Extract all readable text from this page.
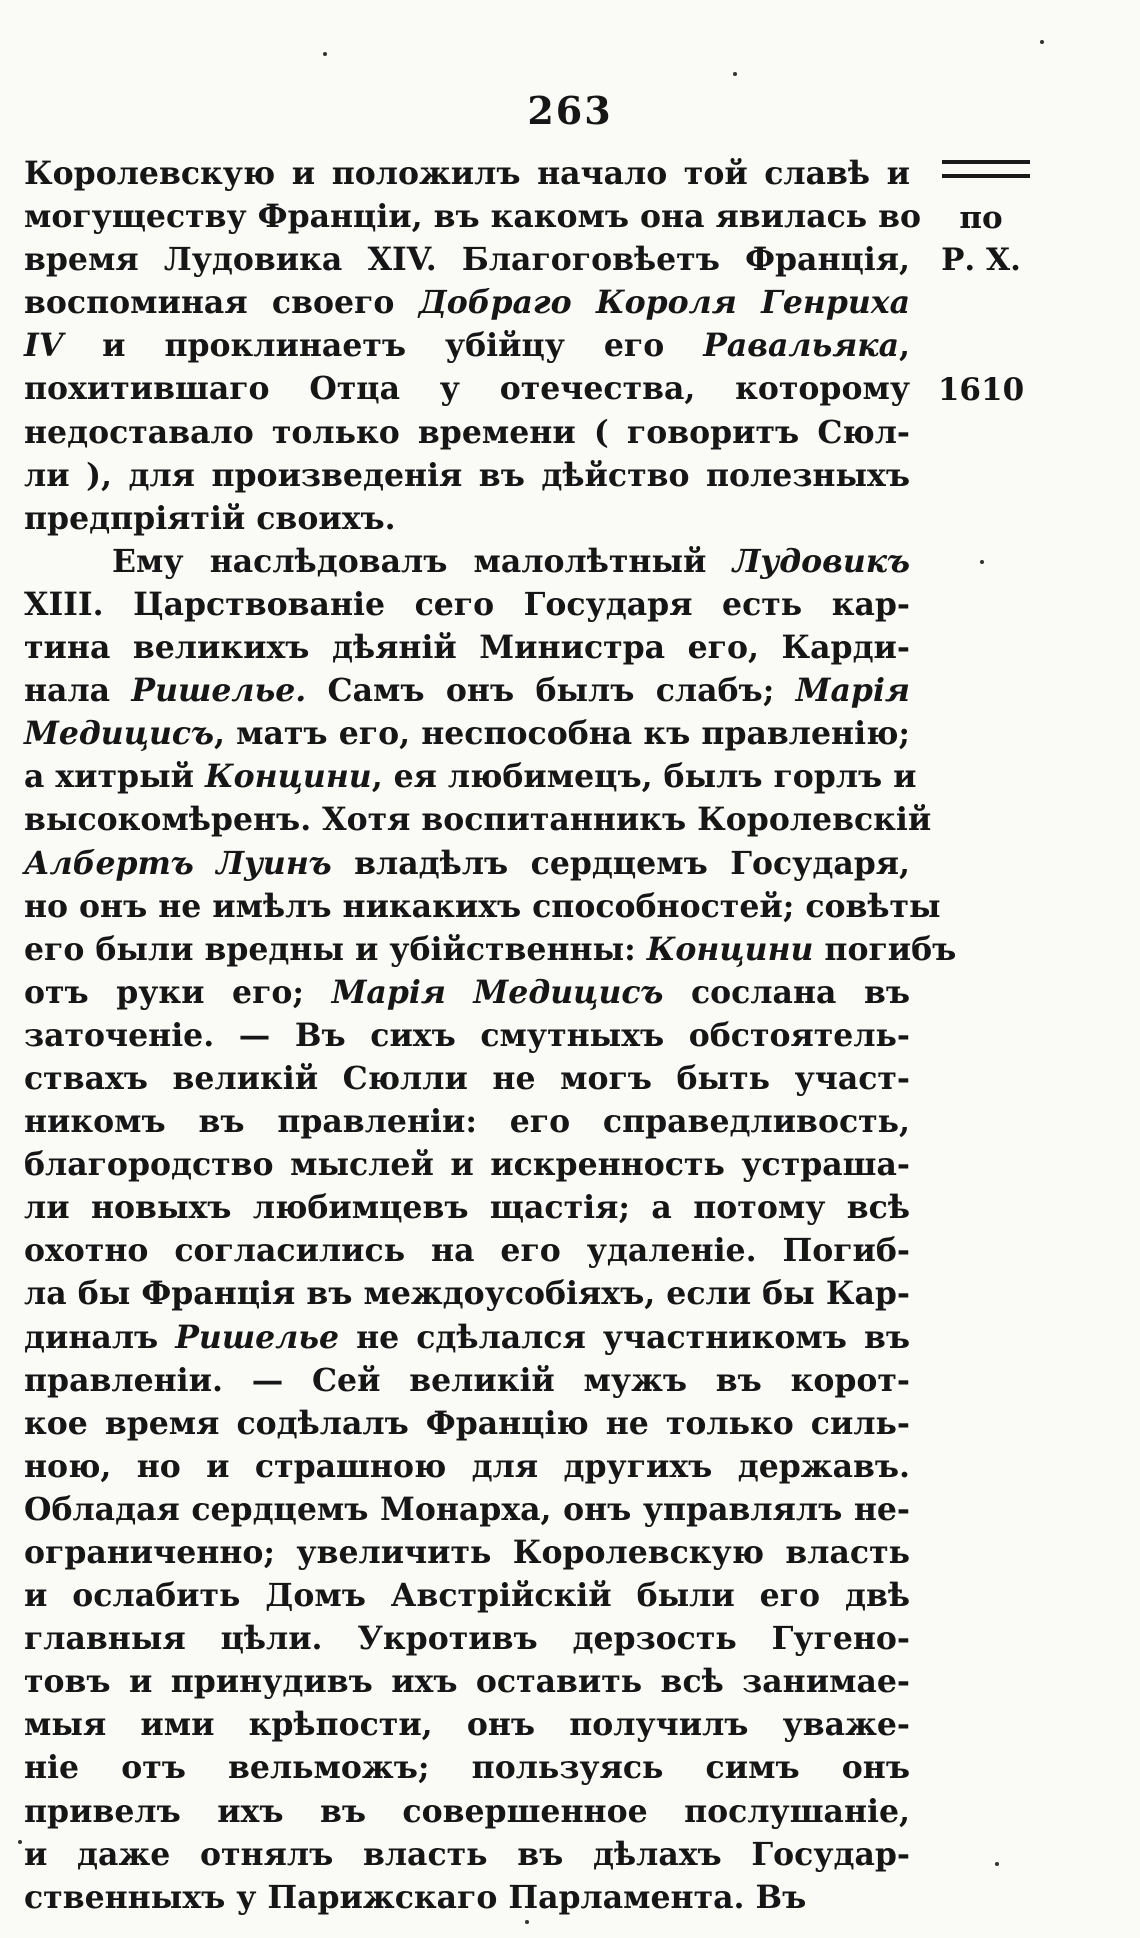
263
Королевскую и положилъ начало той славѣ и
могуществу Франціи, въ какомъ она явилась во
время Лудовика XIV. Благоговѣетъ Франція,
воспоминая своего Добраго Короля Генриха
IV и проклинаетъ убійцу его Равальяка,
похитившаго Отца у отечества, которому
недоставало только времени ( говоритъ Сюл-
ли ), для произведенія въ дѣйство полезныхъ
предпріятій своихъ.
Ему наслѣдовалъ малолѣтный Лудовикъ
XIII. Царствованіе сего Государя есть кар-
тина великихъ дѣяній Министра его, Карди-
нала Ришелье. Самъ онъ былъ слабъ; Марія
Медицисъ, матъ его, неспособна къ правленію;
а хитрый Концини, ея любимецъ, былъ горлъ и
высокомѣренъ. Хотя воспитанникъ Королевскій
Албертъ Луинъ владѣлъ сердцемъ Государя,
но онъ не имѣлъ никакихъ способностей; совѣты
его были вредны и убійственны: Концини погибъ
отъ руки его; Марія Медицисъ сослана въ
заточеніе. — Въ сихъ смутныхъ обстоятель-
ствахъ великій Сюлли не могъ быть участ-
никомъ въ правленіи: его справедливость,
благородство мыслей и искренность устраша-
ли новыхъ любимцевъ щастія; а потому всѣ
охотно согласились на его удаленіе. Погиб-
ла бы Франція въ междоусобіяхъ, если бы Кар-
диналъ Ришелье не сдѣлался участникомъ въ
правленіи. — Сей великій мужъ въ корот-
кое время содѣлалъ Францію не только силь-
ною, но и страшною для другихъ державъ.
Обладая сердцемъ Монарха, онъ управлялъ не-
ограниченно; увеличить Королевскую власть
и ослабить Домъ Австрійскій были его двѣ
главныя цѣли. Укротивъ дерзость Гугено-
товъ и принудивъ ихъ оставить всѣ занимае-
мыя ими крѣпости, онъ получилъ уваже-
ніе отъ вельможъ; пользуясь симъ онъ
привелъ ихъ въ совершенное послушаніе,
и даже отнялъ власть въ дѣлахъ Государ-
ственныхъ у Парижскаго Парламента. Въ
по
Р. Х.
1610
